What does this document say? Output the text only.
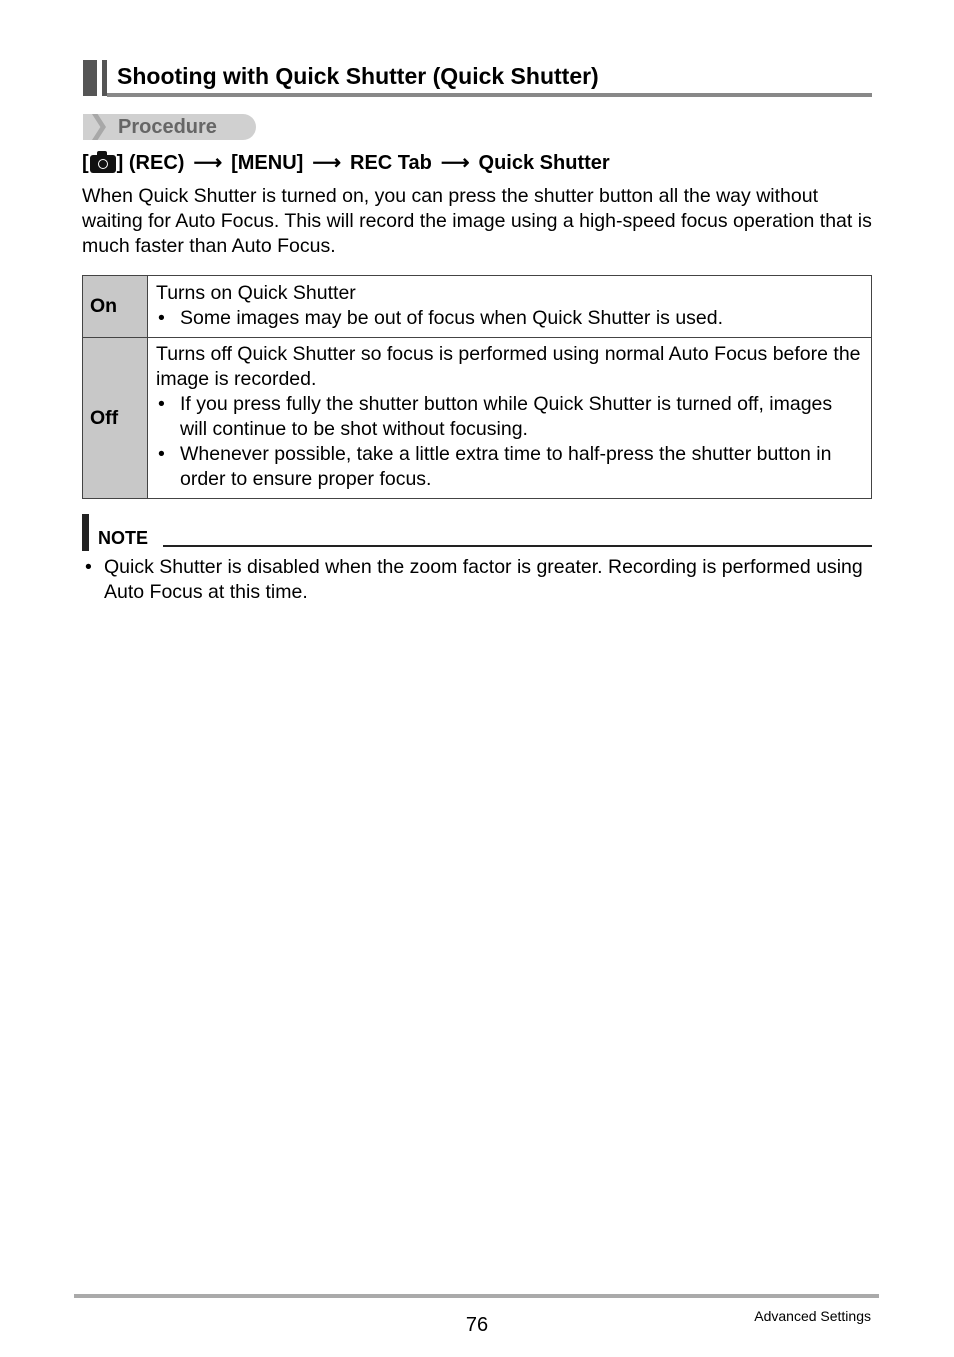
Shooting with Quick Shutter (Quick Shutter)
Procedure
[ ] (REC) ⟶ [MENU] ⟶ REC Tab ⟶ Quick Shutter
When Quick Shutter is turned on, you can press the shutter button all the way without waiting for Auto Focus. This will record the image using a high-speed focus operation that is much faster than Auto Focus.
On	Turns on Quick Shutter
• Some images may be out of focus when Quick Shutter is used.

Off	Turns off Quick Shutter so focus is performed using normal Auto Focus before the image is recorded.
• If you press fully the shutter button while Quick Shutter is turned off, images will continue to be shot without focusing.
• Whenever possible, take a little extra time to half-press the shutter button in order to ensure proper focus.
NOTE
• Quick Shutter is disabled when the zoom factor is greater. Recording is performed using Auto Focus at this time.
76	Advanced Settings
